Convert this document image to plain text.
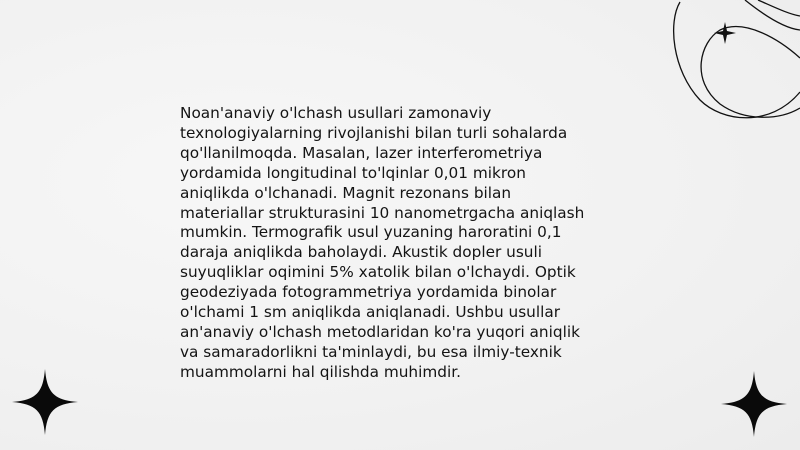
Noan'anaviy o'lchash usullari zamonaviy
texnologiyalarning rivojlanishi bilan turli sohalarda
qo'llanilmoqda. Masalan, lazer interferometriya
yordamida longitudinal to'lqinlar 0,01 mikron
aniqlikda o'lchanadi. Magnit rezonans bilan
materiallar strukturasini 10 nanometrgacha aniqlash
mumkin. Termografik usul yuzaning haroratini 0,1
daraja aniqlikda baholaydi. Akustik dopler usuli
suyuqliklar oqimini 5% xatolik bilan o'lchaydi. Optik
geodeziyada fotogrammetriya yordamida binolar
o'lchami 1 sm aniqlikda aniqlanadi. Ushbu usullar
an'anaviy o'lchash metodlaridan ko'ra yuqori aniqlik
va samaradorlikni ta'minlaydi, bu esa ilmiy-texnik
muammolarni hal qilishda muhimdir.
